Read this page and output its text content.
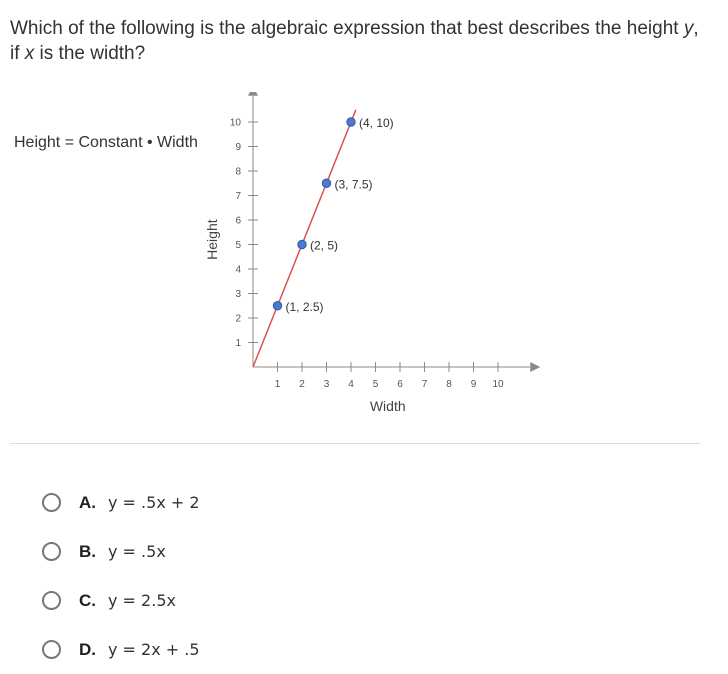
Which of the following is the algebraic expression that best describes the height y, if x is the width?
Height = Constant • Width
1 2 3 4 5 6 7 8 9 10
1
2
3
4
5
6
7
8
9
10
Width
Height
(1, 2.5)
(2, 5)
(3, 7.5)
(4, 10)
A. y = .5x + 2
B. y = .5x
C. y = 2.5x
D. y = 2x + .5
